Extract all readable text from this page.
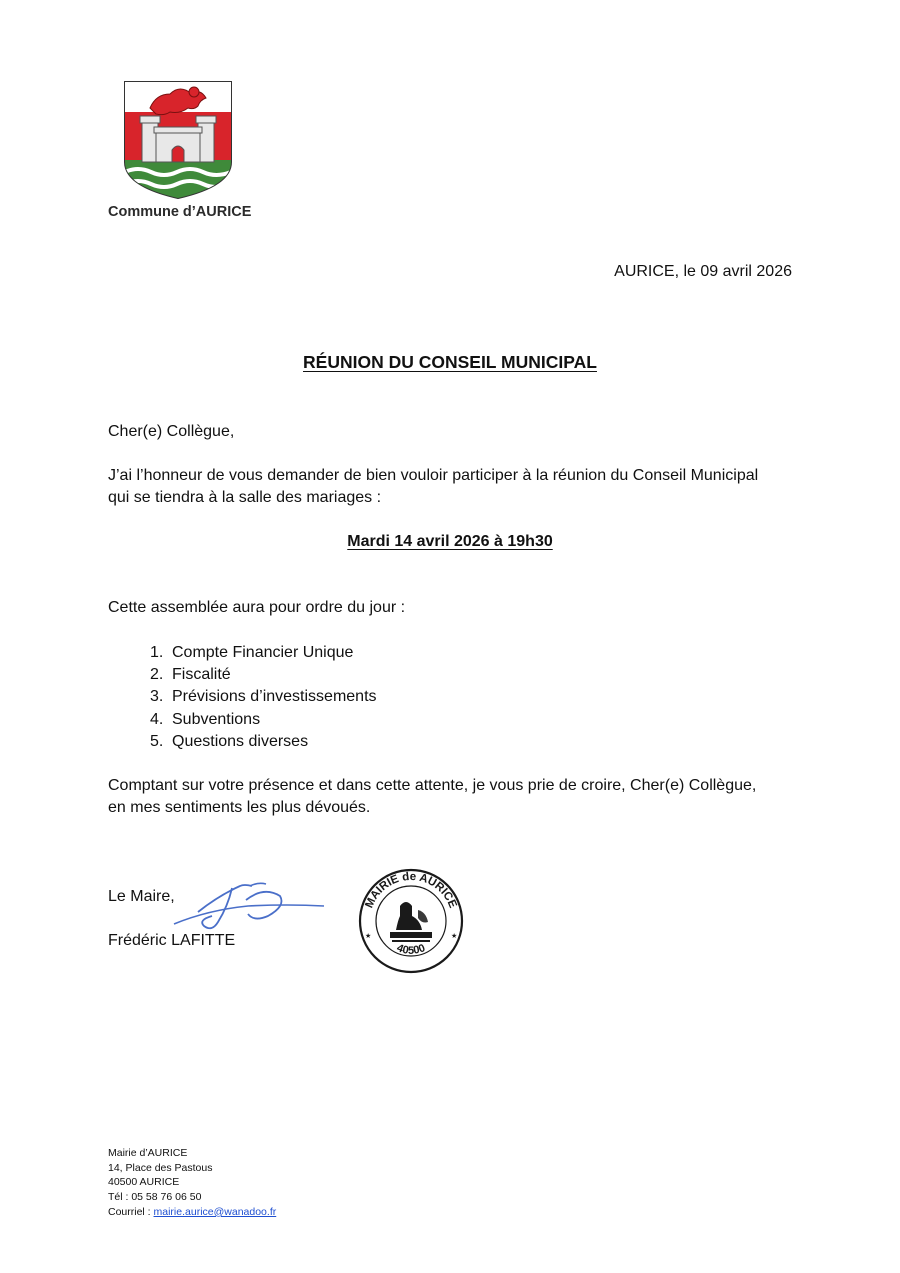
Commune d’AURICE
AURICE, le 09 avril 2026
RÉUNION DU CONSEIL MUNICIPAL
Cher(e) Collègue,
J’ai l’honneur de vous demander de bien vouloir participer à la réunion du Conseil Municipal
qui se tiendra à la salle des mariages :
Mardi 14 avril 2026 à 19h30
Cette assemblée aura pour ordre du jour :
1. Compte Financier Unique
2. Fiscalité
3. Prévisions d’investissements
4. Subventions
5. Questions diverses
Comptant sur votre présence et dans cette attente, je vous prie de croire, Cher(e) Collègue,
en mes sentiments les plus dévoués.
Le Maire,
Frédéric LAFITTE
MAIRIE de AURICE
40500
★	★
Mairie d’AURICE
14, Place des Pastous
40500 AURICE
Tél : 05 58 76 06 50
Courriel : mairie.aurice@wanadoo.fr
